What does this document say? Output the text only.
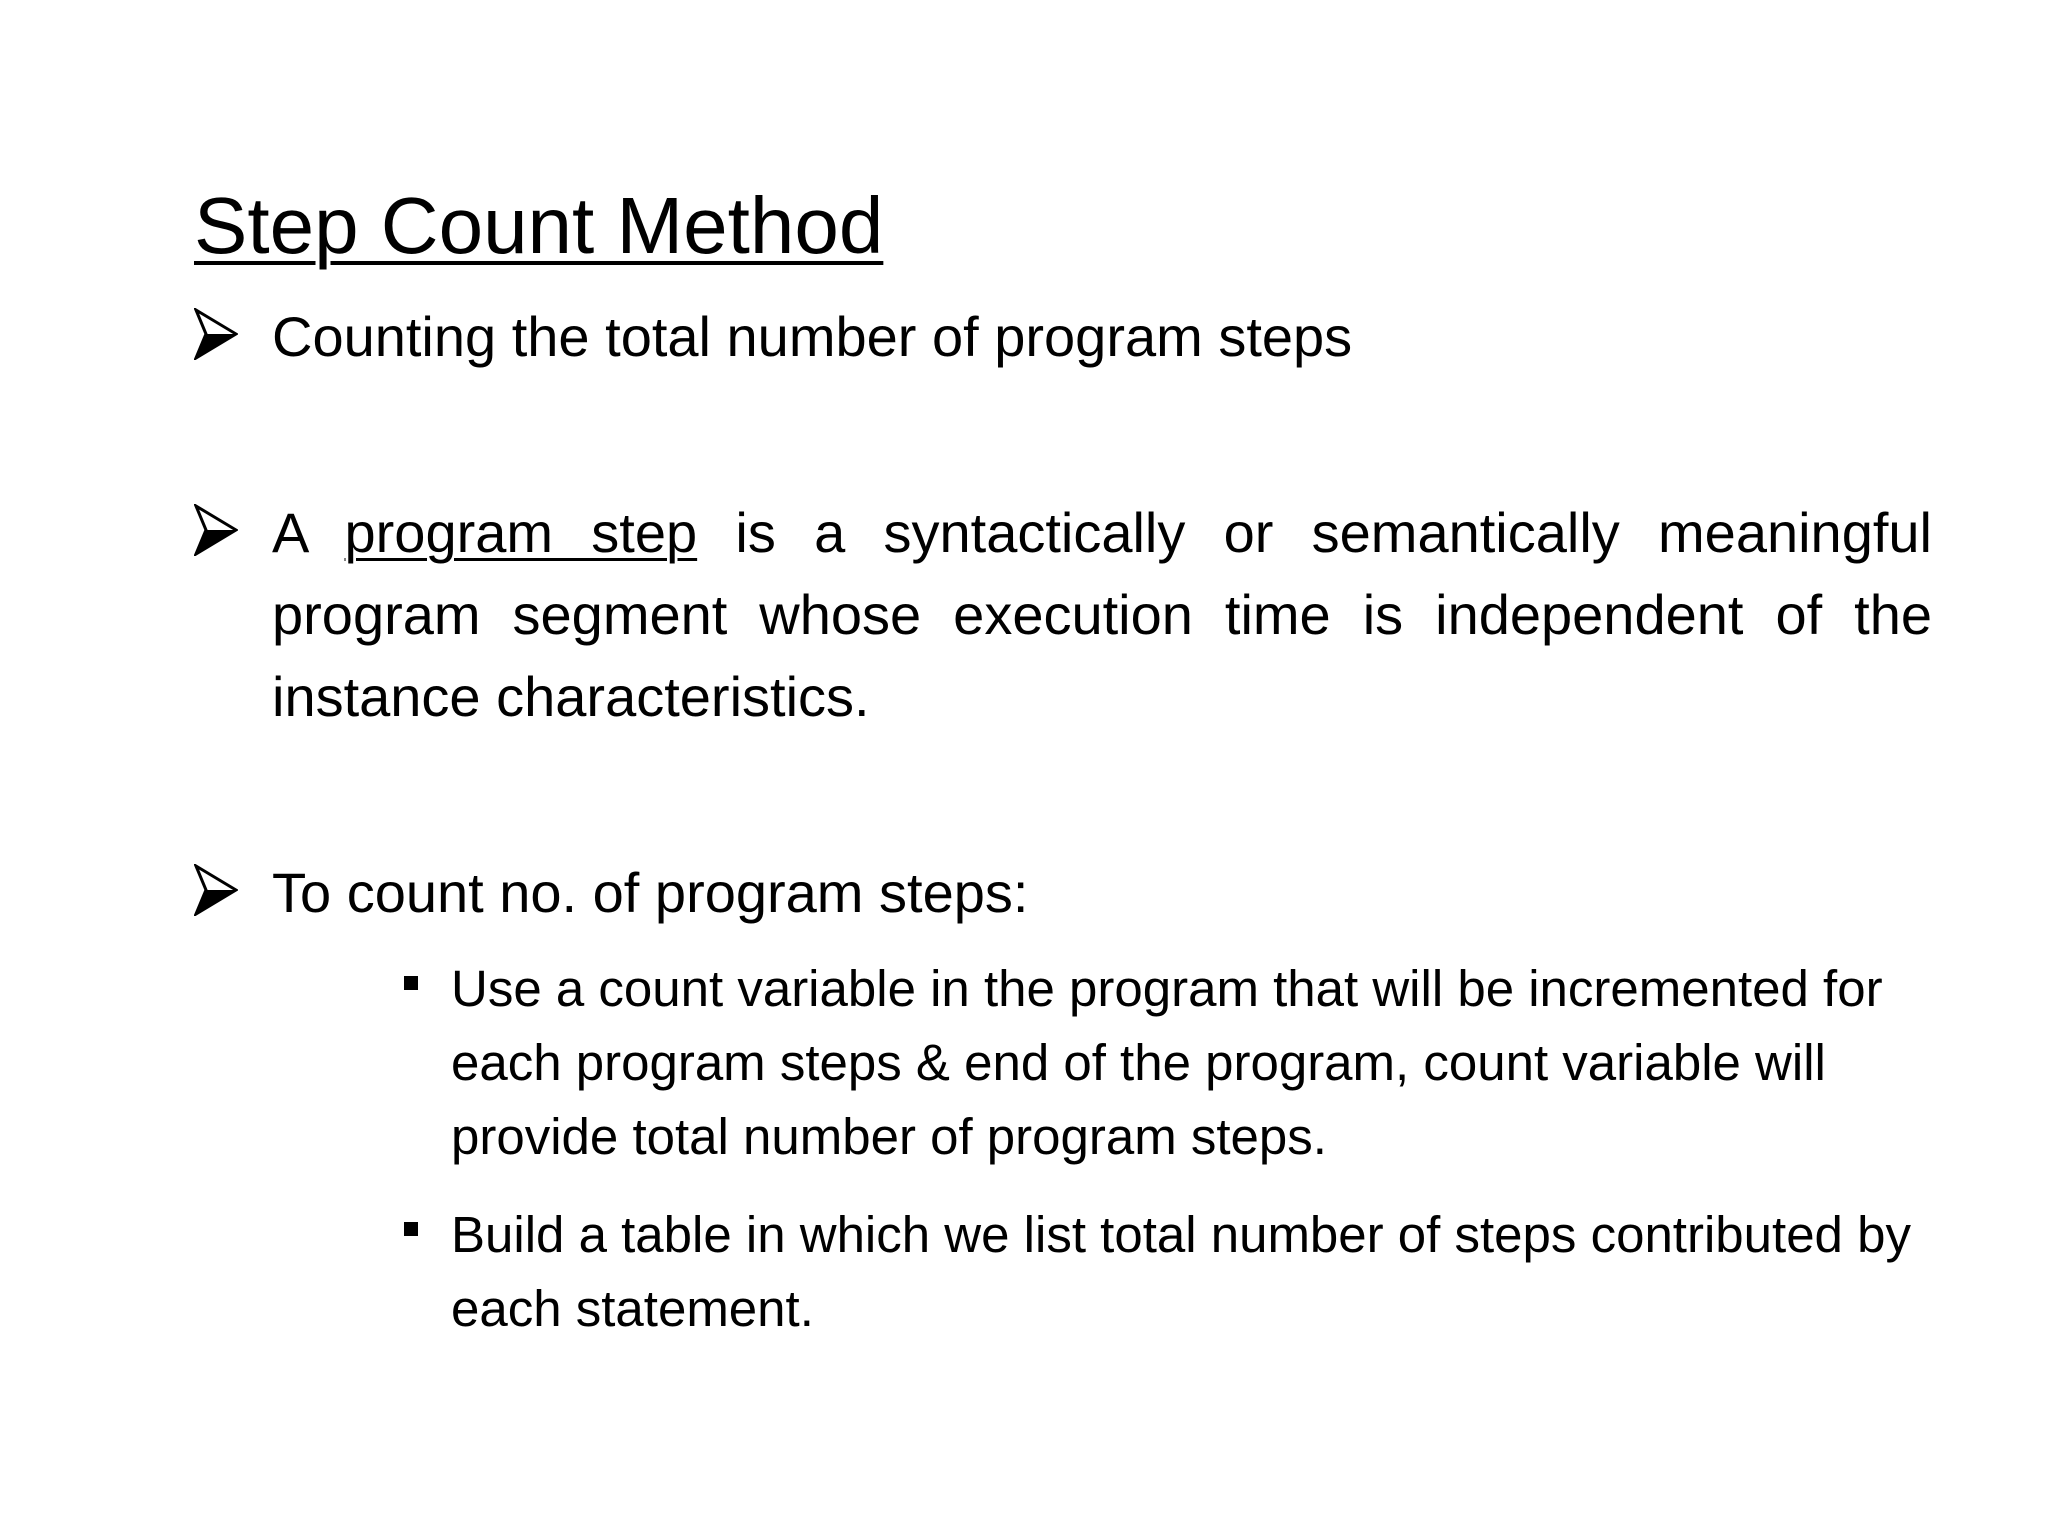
Step Count Method
Counting the total number of program steps
A program step is a syntactically or semantically meaningful program segment whose execution time is independent of the instance characteristics.
To count no. of program steps:
Use a count variable in the program that will be incremented for each program steps & end of the program, count variable will provide total number of program steps.
Build a table in which we list total number of steps contributed by each statement.
